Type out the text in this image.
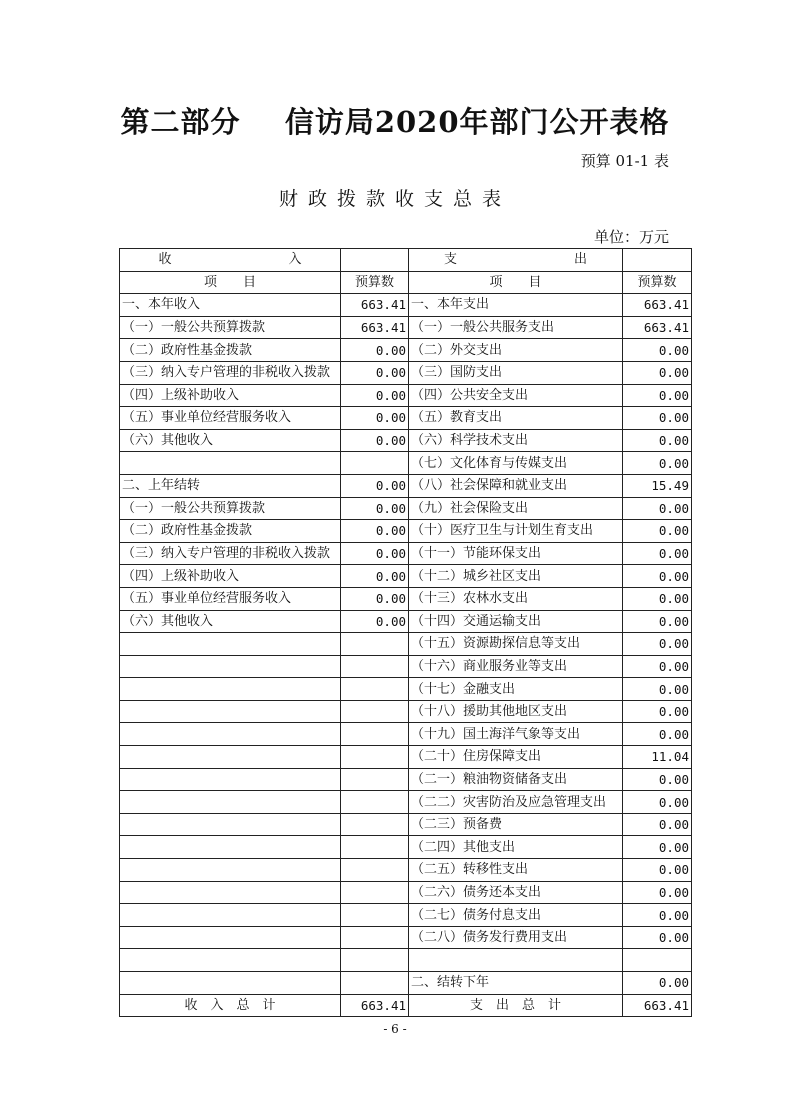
第二部分    信访局2020年部门公开表格
预算 01-1 表
财政拨款收支总表
单位：万元
收　　　　　　　　　入		支　　　　　　　　　出	
项　　目	预算数	项　　目	预算数
一、本年收入	663.41	一、本年支出	663.41
（一）一般公共预算拨款	663.41	（一）一般公共服务支出	663.41
（二）政府性基金拨款	0.00	（二）外交支出	0.00
（三）纳入专户管理的非税收入拨款	0.00	（三）国防支出	0.00
（四）上级补助收入	0.00	（四）公共安全支出	0.00
（五）事业单位经营服务收入	0.00	（五）教育支出	0.00
（六）其他收入	0.00	（六）科学技术支出	0.00
		（七）文化体育与传媒支出	0.00
二、上年结转	0.00	（八）社会保障和就业支出	15.49
（一）一般公共预算拨款	0.00	（九）社会保险支出	0.00
（二）政府性基金拨款	0.00	（十）医疗卫生与计划生育支出	0.00
（三）纳入专户管理的非税收入拨款	0.00	（十一）节能环保支出	0.00
（四）上级补助收入	0.00	（十二）城乡社区支出	0.00
（五）事业单位经营服务收入	0.00	（十三）农林水支出	0.00
（六）其他收入	0.00	（十四）交通运输支出	0.00
		（十五）资源勘探信息等支出	0.00
		（十六）商业服务业等支出	0.00
		（十七）金融支出	0.00
		（十八）援助其他地区支出	0.00
		（十九）国土海洋气象等支出	0.00
		（二十）住房保障支出	11.04
		（二一）粮油物资储备支出	0.00
		（二二）灾害防治及应急管理支出	0.00
		（二三）预备费	0.00
		（二四）其他支出	0.00
		（二五）转移性支出	0.00
		（二六）债务还本支出	0.00
		（二七）债务付息支出	0.00
		（二八）债务发行费用支出	0.00

		二、结转下年	0.00
收　入　总　计	663.41	支　出　总　计	663.41
- 6 -
